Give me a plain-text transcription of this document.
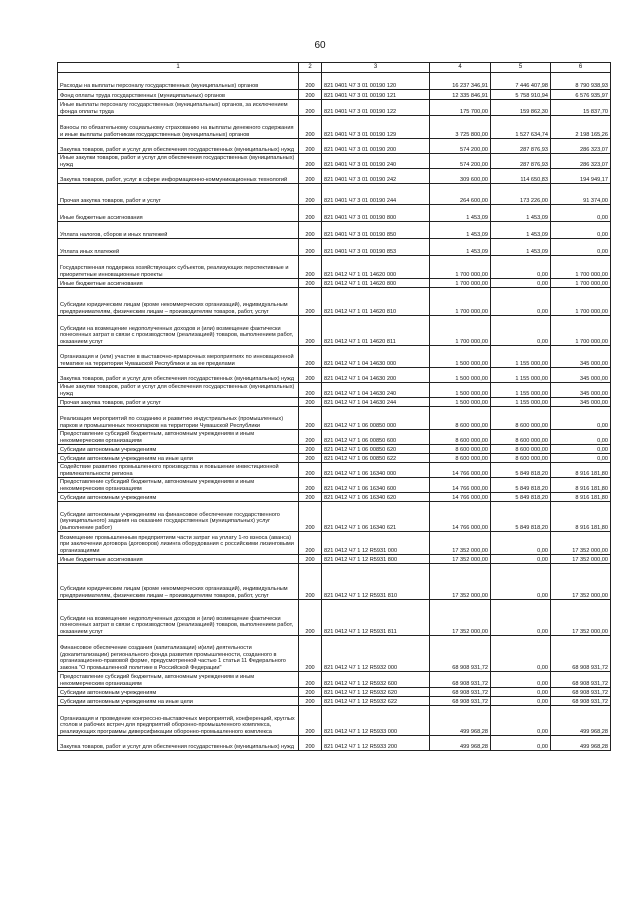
60
1	2	3	4	5	6
Расходы на выплаты персоналу государственных (муниципальных) органов	200	821 0401 Ч7 3 01 00190 120	16 237 346,91	7 446 407,98	8 790 938,93
Фонд оплаты труда государственных (муниципальных) органов	200	821 0401 Ч7 3 01 00190 121	12 335 846,91	5 758 910,94	6 576 935,97
Иные выплаты персоналу государственных (муниципальных) органов, за исключением фонда оплаты труда	200	821 0401 Ч7 3 01 00190 122	175 700,00	159 862,30	15 837,70
Взносы по обязательному социальному страхованию на выплаты денежного содержания и иные выплаты работникам государственных (муниципальных) органов	200	821 0401 Ч7 3 01 00190 129	3 725 800,00	1 527 634,74	2 198 165,26
Закупка товаров, работ и услуг для обеспечения государственных (муниципальных) нужд	200	821 0401 Ч7 3 01 00190 200	574 200,00	287 876,93	286 323,07
Иные закупки товаров, работ и услуг для обеспечения государственных (муниципальных) нужд	200	821 0401 Ч7 3 01 00190 240	574 200,00	287 876,93	286 323,07
Закупка товаров, работ, услуг в сфере информационно-коммуникационных технологий	200	821 0401 Ч7 3 01 00190 242	309 600,00	114 650,83	194 949,17
Прочая закупка товаров, работ и услуг	200	821 0401 Ч7 3 01 00190 244	264 600,00	173 226,00	91 374,00
Иные бюджетные ассигнования	200	821 0401 Ч7 3 01 00190 800	1 453,09	1 453,09	0,00
Уплата налогов, сборов и иных платежей	200	821 0401 Ч7 3 01 00190 850	1 453,09	1 453,09	0,00
Уплата иных платежей	200	821 0401 Ч7 3 01 00190 853	1 453,09	1 453,09	0,00
Государственная поддержка хозяйствующих субъектов, реализующих перспективные и приоритетные инновационные проекты	200	821 0412 Ч7 1 01 14620 000	1 700 000,00	0,00	1 700 000,00
Иные бюджетные ассигнования	200	821 0412 Ч7 1 01 14620 800	1 700 000,00	0,00	1 700 000,00
Субсидии юридическим лицам (кроме некоммерческих организаций), индивидуальным предпринимателям, физическим лицам – производителям товаров, работ, услуг	200	821 0412 Ч7 1 01 14620 810	1 700 000,00	0,00	1 700 000,00
Субсидии на возмещение недополученных доходов и (или) возмещение фактически понесенных затрат в связи с производством (реализацией) товаров, выполнением работ, оказанием услуг	200	821 0412 Ч7 1 01 14620 811	1 700 000,00	0,00	1 700 000,00
Организация и (или) участие в выставочно-ярмарочных мероприятиях по инновационной тематике на территории Чувашской Республики и за ее пределами	200	821 0412 Ч7 1 04 14630 000	1 500 000,00	1 155 000,00	345 000,00
Закупка товаров, работ и услуг для обеспечения государственных (муниципальных) нужд	200	821 0412 Ч7 1 04 14630 200	1 500 000,00	1 155 000,00	345 000,00
Иные закупки товаров, работ и услуг для обеспечения государственных (муниципальных) нужд	200	821 0412 Ч7 1 04 14630 240	1 500 000,00	1 155 000,00	345 000,00
Прочая закупка товаров, работ и услуг	200	821 0412 Ч7 1 04 14630 244	1 500 000,00	1 155 000,00	345 000,00
Реализация мероприятий по созданию и развитию индустриальных (промышленных) парков и промышленных технопарков на территории Чувашской Республики	200	821 0412 Ч7 1 06 00850 000	8 600 000,00	8 600 000,00	0,00
Предоставление субсидий бюджетным, автономным учреждениям и иным некоммерческим организациям	200	821 0412 Ч7 1 06 00850 600	8 600 000,00	8 600 000,00	0,00
Субсидии автономным учреждениям	200	821 0412 Ч7 1 06 00850 620	8 600 000,00	8 600 000,00	0,00
Субсидии автономным учреждениям на иные цели	200	821 0412 Ч7 1 06 00850 622	8 600 000,00	8 600 000,00	0,00
Содействие развитию промышленного производства и повышение инвестиционной привлекательности региона	200	821 0412 Ч7 1 06 16340 000	14 766 000,00	5 849 818,20	8 916 181,80
Предоставление субсидий бюджетным, автономным учреждениям и иным некоммерческим организациям	200	821 0412 Ч7 1 06 16340 600	14 766 000,00	5 849 818,20	8 916 181,80
Субсидии автономным учреждениям	200	821 0412 Ч7 1 06 16340 620	14 766 000,00	5 849 818,20	8 916 181,80
Субсидии автономным учреждениям на финансовое обеспечение государственного (муниципального) задания на оказание государственных (муниципальных) услуг (выполнение работ)	200	821 0412 Ч7 1 06 16340 621	14 766 000,00	5 849 818,20	8 916 181,80
Возмещение промышленным предприятиям части затрат на уплату 1-го взноса (аванса) при заключении договора (договоров) лизинга оборудования с российскими лизинговыми организациями	200	821 0412 Ч7 1 12 R5931 000	17 352 000,00	0,00	17 352 000,00
Иные бюджетные ассигнования	200	821 0412 Ч7 1 12 R5931 800	17 352 000,00	0,00	17 352 000,00
Субсидии юридическим лицам (кроме некоммерческих организаций), индивидуальным предпринимателям, физическим лицам – производителям товаров, работ, услуг	200	821 0412 Ч7 1 12 R5931 810	17 352 000,00	0,00	17 352 000,00
Субсидии на возмещение недополученных доходов и (или) возмещение фактически понесенных затрат в связи с производством (реализацией) товаров, выполнением работ, оказанием услуг	200	821 0412 Ч7 1 12 R5931 811	17 352 000,00	0,00	17 352 000,00
Финансовое обеспечение создания (капитализации) и(или) деятельности (докапитализации) регионального фонда развития промышленности, созданного в организационно-правовой форме, предусмотренной частью 1 статьи 11 Федерального закона "О промышленной политике в Российской Федерации"	200	821 0412 Ч7 1 12 R5932 000	68 908 931,72	0,00	68 908 931,72
Предоставление субсидий бюджетным, автономным учреждениям и иным некоммерческим организациям	200	821 0412 Ч7 1 12 R5932 600	68 908 931,72	0,00	68 908 931,72
Субсидии автономным учреждениям	200	821 0412 Ч7 1 12 R5932 620	68 908 931,72	0,00	68 908 931,72
Субсидии автономным учреждениям на иные цели	200	821 0412 Ч7 1 12 R5932 622	68 908 931,72	0,00	68 908 931,72
Организация и проведение конгрессно-выставочных мероприятий, конференций, круглых столов и рабочих встреч для предприятий оборонно-промышленного комплекса, реализующих программы диверсификации оборонно-промышленного комплекса	200	821 0412 Ч7 1 12 R5933 000	499 968,28	0,00	499 968,28
Закупка товаров, работ и услуг для обеспечения государственных (муниципальных) нужд	200	821 0412 Ч7 1 12 R5933 200	499 968,28	0,00	499 968,28
